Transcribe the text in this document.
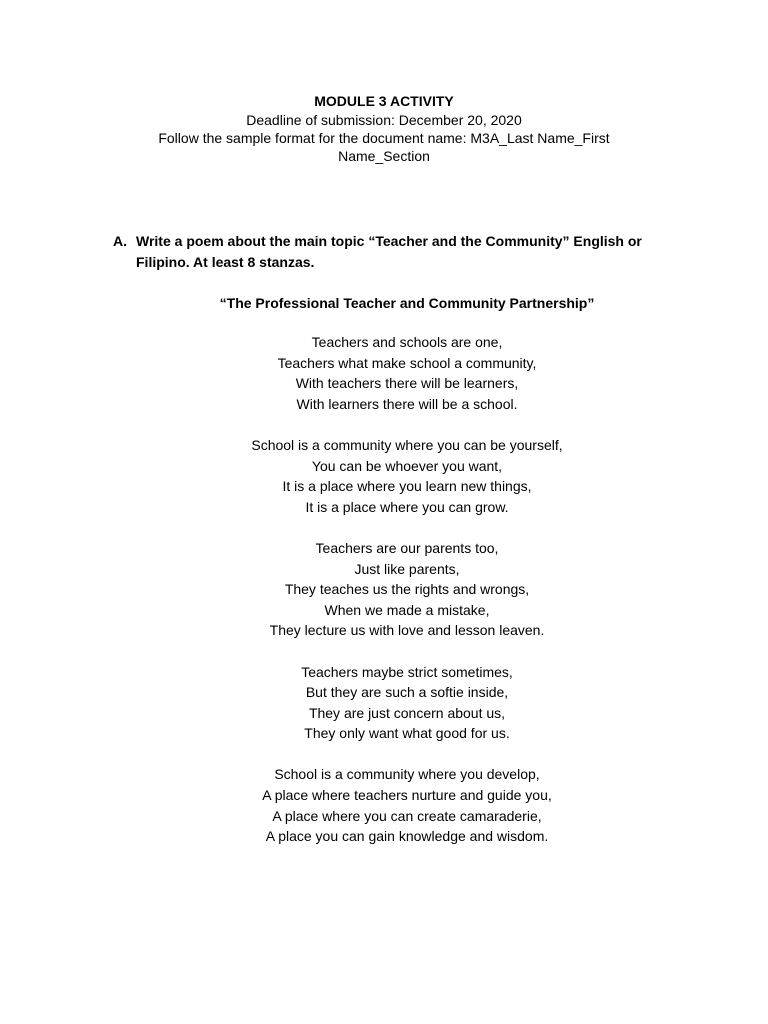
MODULE 3 ACTIVITY
Deadline of submission: December 20, 2020
Follow the sample format for the document name: M3A_Last Name_First Name_Section
A. Write a poem about the main topic “Teacher and the Community” English or Filipino. At least 8 stanzas.
“The Professional Teacher and Community Partnership”
Teachers and schools are one,
Teachers what make school a community,
With teachers there will be learners,
With learners there will be a school.
School is a community where you can be yourself,
You can be whoever you want,
It is a place where you learn new things,
It is a place where you can grow.
Teachers are our parents too,
Just like parents,
They teaches us the rights and wrongs,
When we made a mistake,
They lecture us with love and lesson leaven.
Teachers maybe strict sometimes,
But they are such a softie inside,
They are just concern about us,
They only want what good for us.
School is a community where you develop,
A place where teachers nurture and guide you,
A place where you can create camaraderie,
A place you can gain knowledge and wisdom.
